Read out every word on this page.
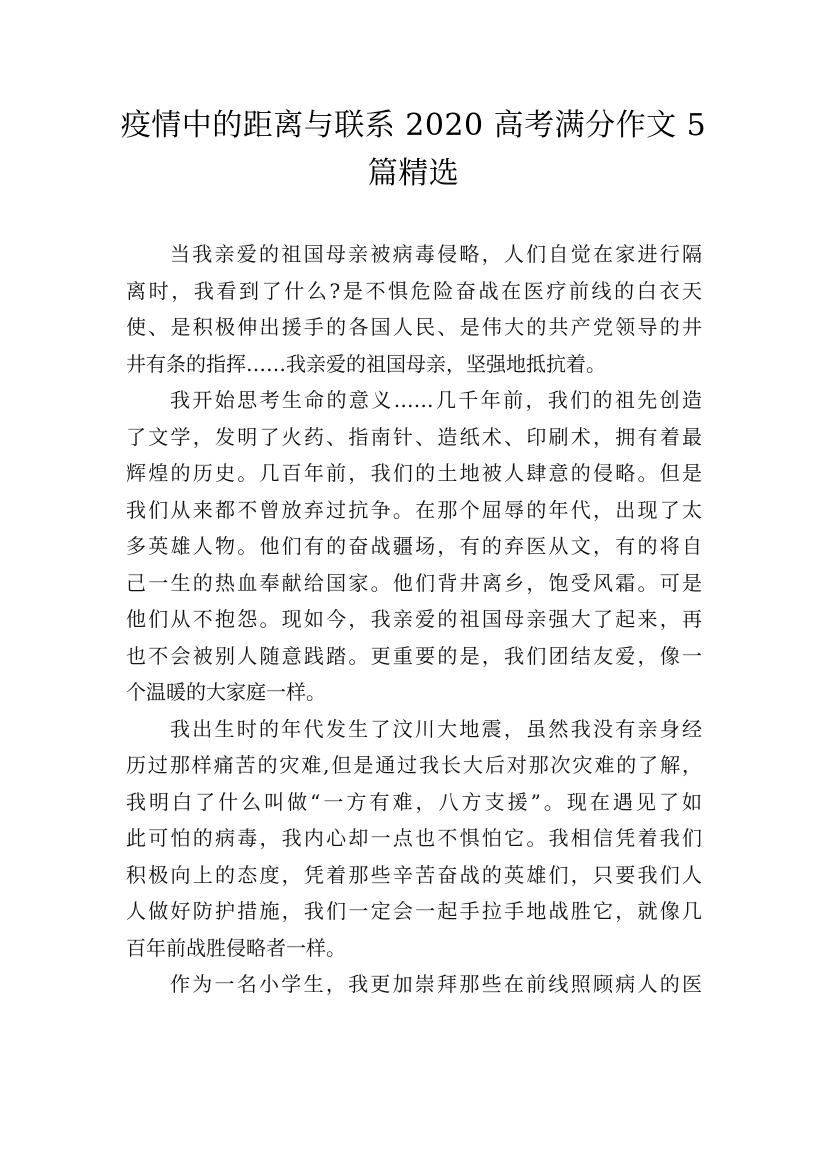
疫情中的距离与联系 2020 高考满分作文 5
篇精选

当我亲爱的祖国母亲被病毒侵略，人们自觉在家进行隔
离时，我看到了什么?是不惧危险奋战在医疗前线的白衣天
使、是积极伸出援手的各国人民、是伟大的共产党领导的井
井有条的指挥……我亲爱的祖国母亲，坚强地抵抗着。

我开始思考生命的意义……几千年前，我们的祖先创造
了文学，发明了火药、指南针、造纸术、印刷术，拥有着最
辉煌的历史。几百年前，我们的土地被人肆意的侵略。但是
我们从来都不曾放弃过抗争。在那个屈辱的年代，出现了太
多英雄人物。他们有的奋战疆场，有的弃医从文，有的将自
己一生的热血奉献给国家。他们背井离乡，饱受风霜。可是
他们从不抱怨。现如今，我亲爱的祖国母亲强大了起来，再
也不会被别人随意践踏。更重要的是，我们团结友爱，像一
个温暖的大家庭一样。

我出生时的年代发生了汶川大地震，虽然我没有亲身经
历过那样痛苦的灾难,但是通过我长大后对那次灾难的了解，
我明白了什么叫做“一方有难，八方支援”。现在遇见了如
此可怕的病毒，我内心却一点也不惧怕它。我相信凭着我们
积极向上的态度，凭着那些辛苦奋战的英雄们，只要我们人
人做好防护措施，我们一定会一起手拉手地战胜它，就像几
百年前战胜侵略者一样。

作为一名小学生，我更加崇拜那些在前线照顾病人的医
